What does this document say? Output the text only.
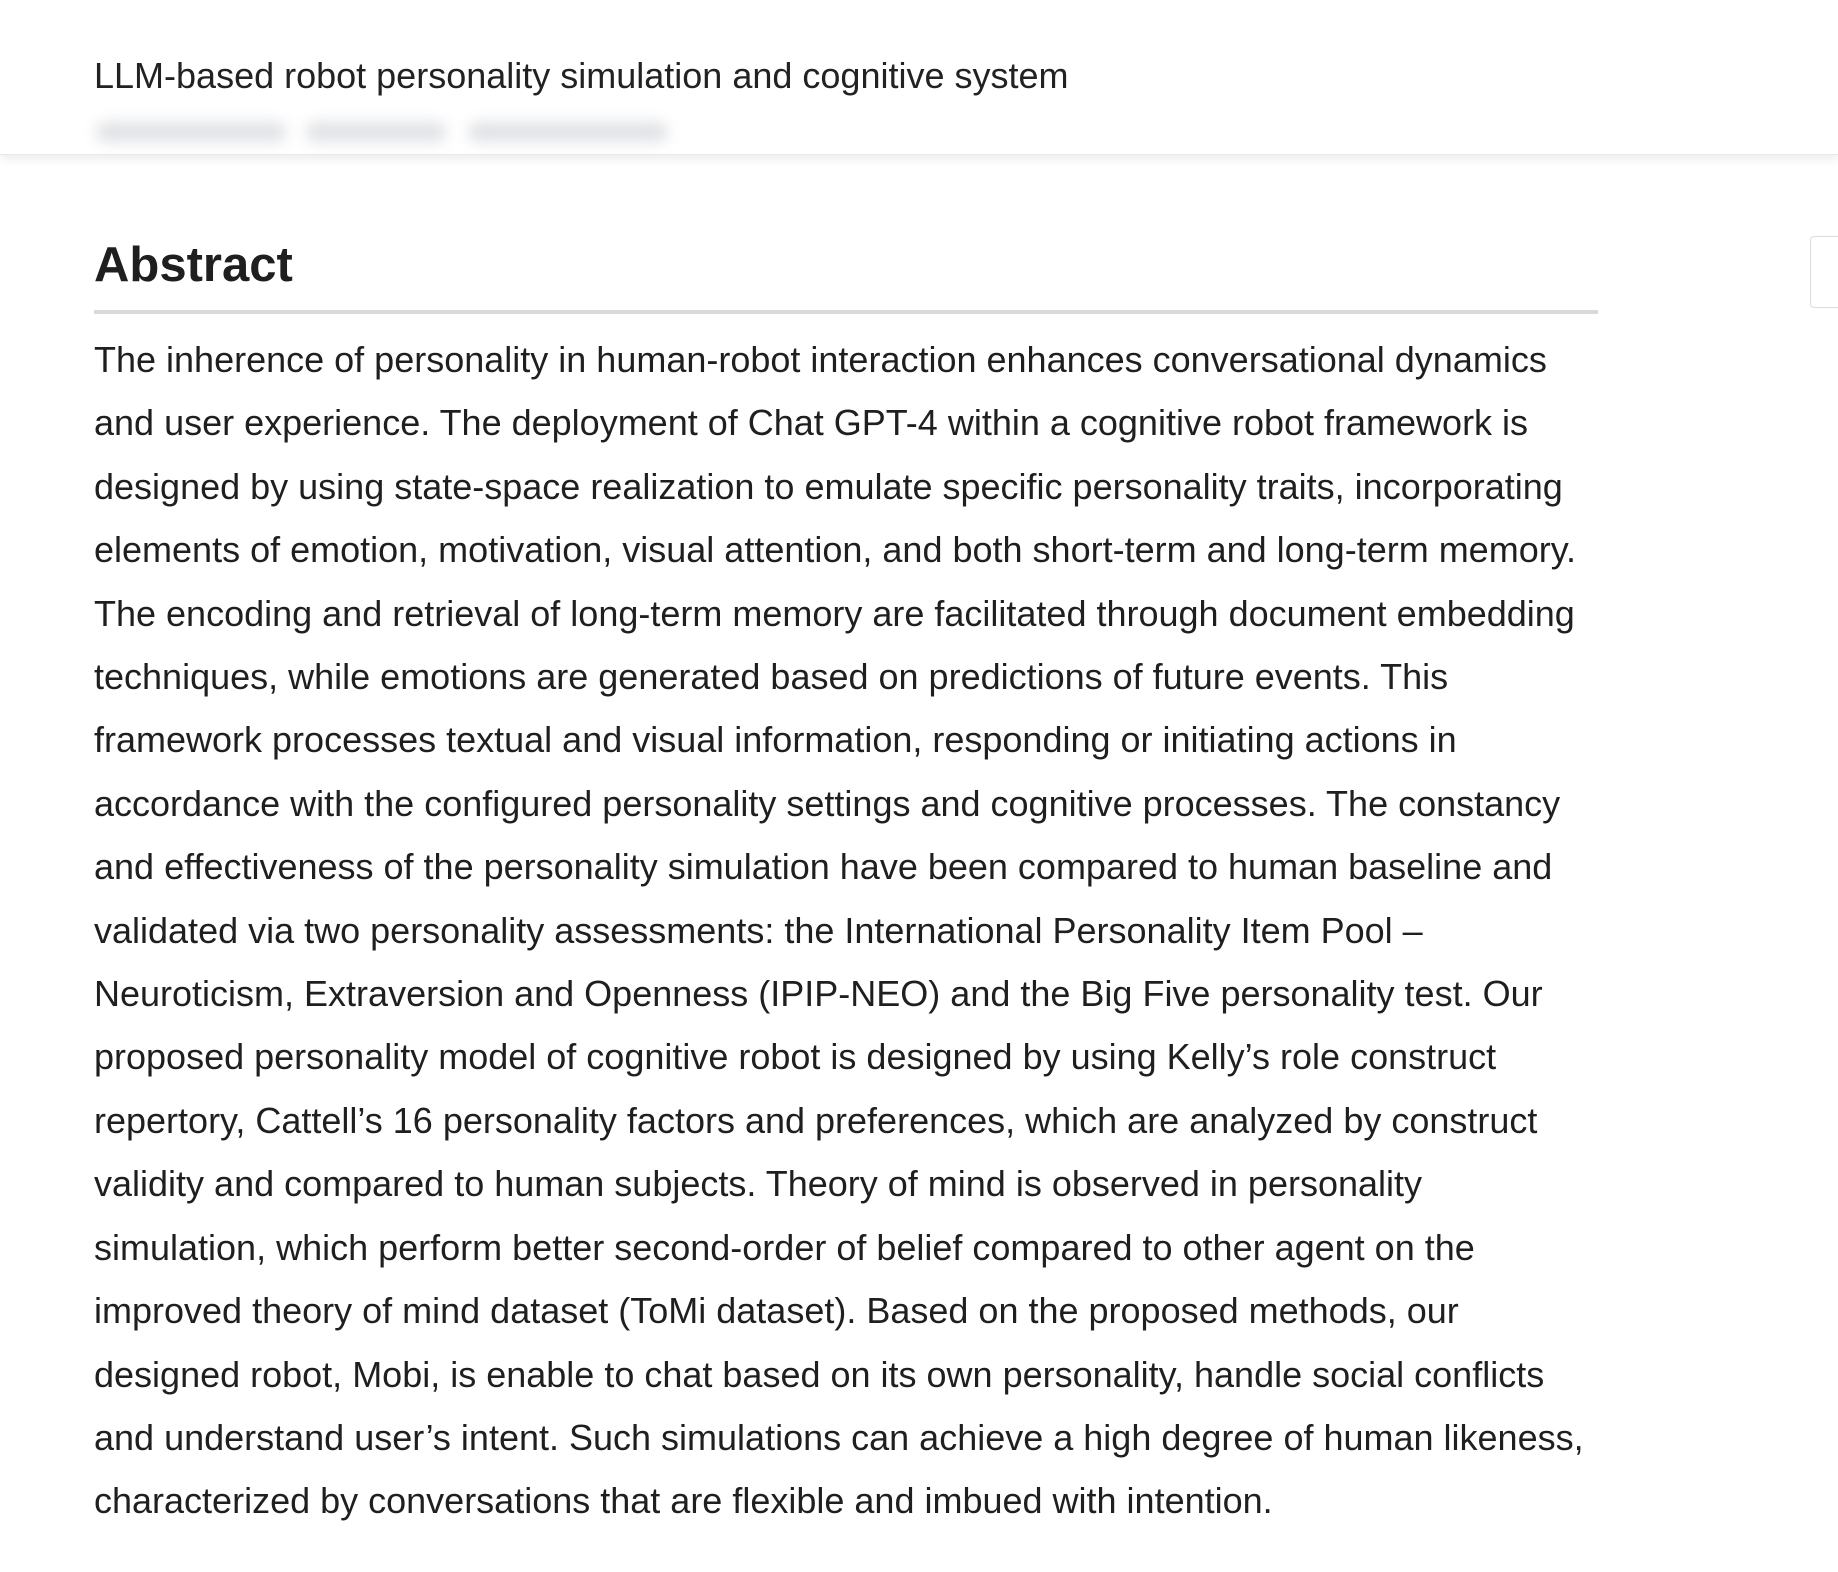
LLM-based robot personality simulation and cognitive system
Abstract

The inherence of personality in human-robot interaction enhances conversational dynamics and user experience. The deployment of Chat GPT-4 within a cognitive robot framework is designed by using state-space realization to emulate specific personality traits, incorporating elements of emotion, motivation, visual attention, and both short-term and long-term memory. The encoding and retrieval of long-term memory are facilitated through document embedding techniques, while emotions are generated based on predictions of future events. This framework processes textual and visual information, responding or initiating actions in accordance with the configured personality settings and cognitive processes. The constancy and effectiveness of the personality simulation have been compared to human baseline and validated via two personality assessments: the International Personality Item Pool – Neuroticism, Extraversion and Openness (IPIP-NEO) and the Big Five personality test. Our proposed personality model of cognitive robot is designed by using Kelly’s role construct repertory, Cattell’s 16 personality factors and preferences, which are analyzed by construct validity and compared to human subjects. Theory of mind is observed in personality simulation, which perform better second-order of belief compared to other agent on the improved theory of mind dataset (ToMi dataset). Based on the proposed methods, our designed robot, Mobi, is enable to chat based on its own personality, handle social conflicts and understand user’s intent. Such simulations can achieve a high degree of human likeness, characterized by conversations that are flexible and imbued with intention.
